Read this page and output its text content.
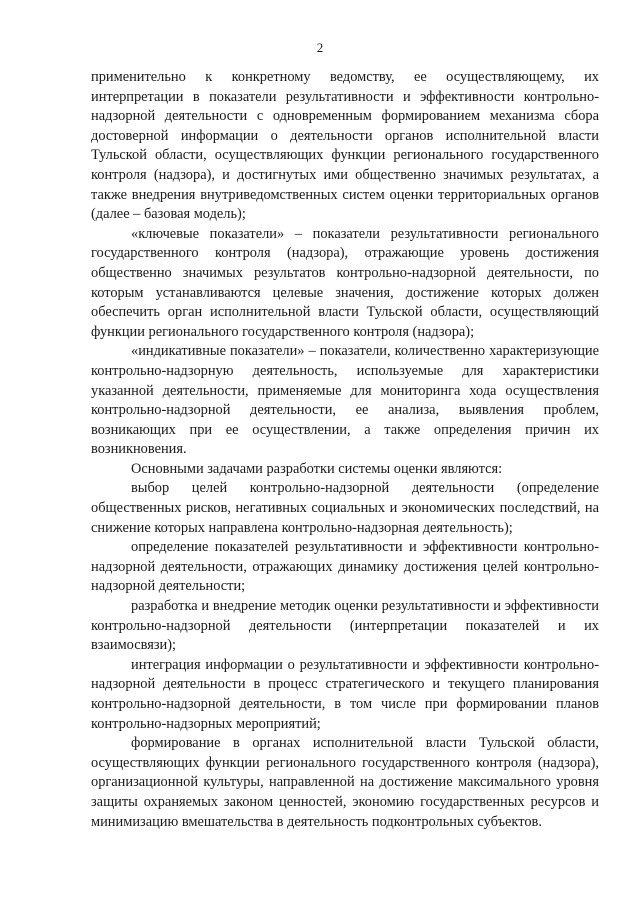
2

применительно к конкретному ведомству, ее осуществляющему, их интерпретации в показатели результативности и эффективности контрольно-надзорной деятельности с одновременным формированием механизма сбора достоверной информации о деятельности органов исполнительной власти Тульской области, осуществляющих функции регионального государственного контроля (надзора), и достигнутых ими общественно значимых результатах, а также внедрения внутриведомственных систем оценки территориальных органов (далее – базовая модель);

«ключевые показатели» – показатели результативности регионального государственного контроля (надзора), отражающие уровень достижения общественно значимых результатов контрольно-надзорной деятельности, по которым устанавливаются целевые значения, достижение которых должен обеспечить орган исполнительной власти Тульской области, осуществляющий функции регионального государственного контроля (надзора);

«индикативные показатели» – показатели, количественно характеризующие контрольно-надзорную деятельность, используемые для характеристики указанной деятельности, применяемые для мониторинга хода осуществления контрольно-надзорной деятельности, ее анализа, выявления проблем, возникающих при ее осуществлении, а также определения причин их возникновения.

Основными задачами разработки системы оценки являются:

выбор целей контрольно-надзорной деятельности (определение общественных рисков, негативных социальных и экономических последствий, на снижение которых направлена контрольно-надзорная деятельность);

определение показателей результативности и эффективности контрольно-надзорной деятельности, отражающих динамику достижения целей контрольно-надзорной деятельности;

разработка и внедрение методик оценки результативности и эффективности контрольно-надзорной деятельности (интерпретации показателей и их взаимосвязи);

интеграция информации о результативности и эффективности контрольно-надзорной деятельности в процесс стратегического и текущего планирования контрольно-надзорной деятельности, в том числе при формировании планов контрольно-надзорных мероприятий;

формирование в органах исполнительной власти Тульской области, осуществляющих функции регионального государственного контроля (надзора), организационной культуры, направленной на достижение максимального уровня защиты охраняемых законом ценностей, экономию государственных ресурсов и минимизацию вмешательства в деятельность подконтрольных субъектов.
